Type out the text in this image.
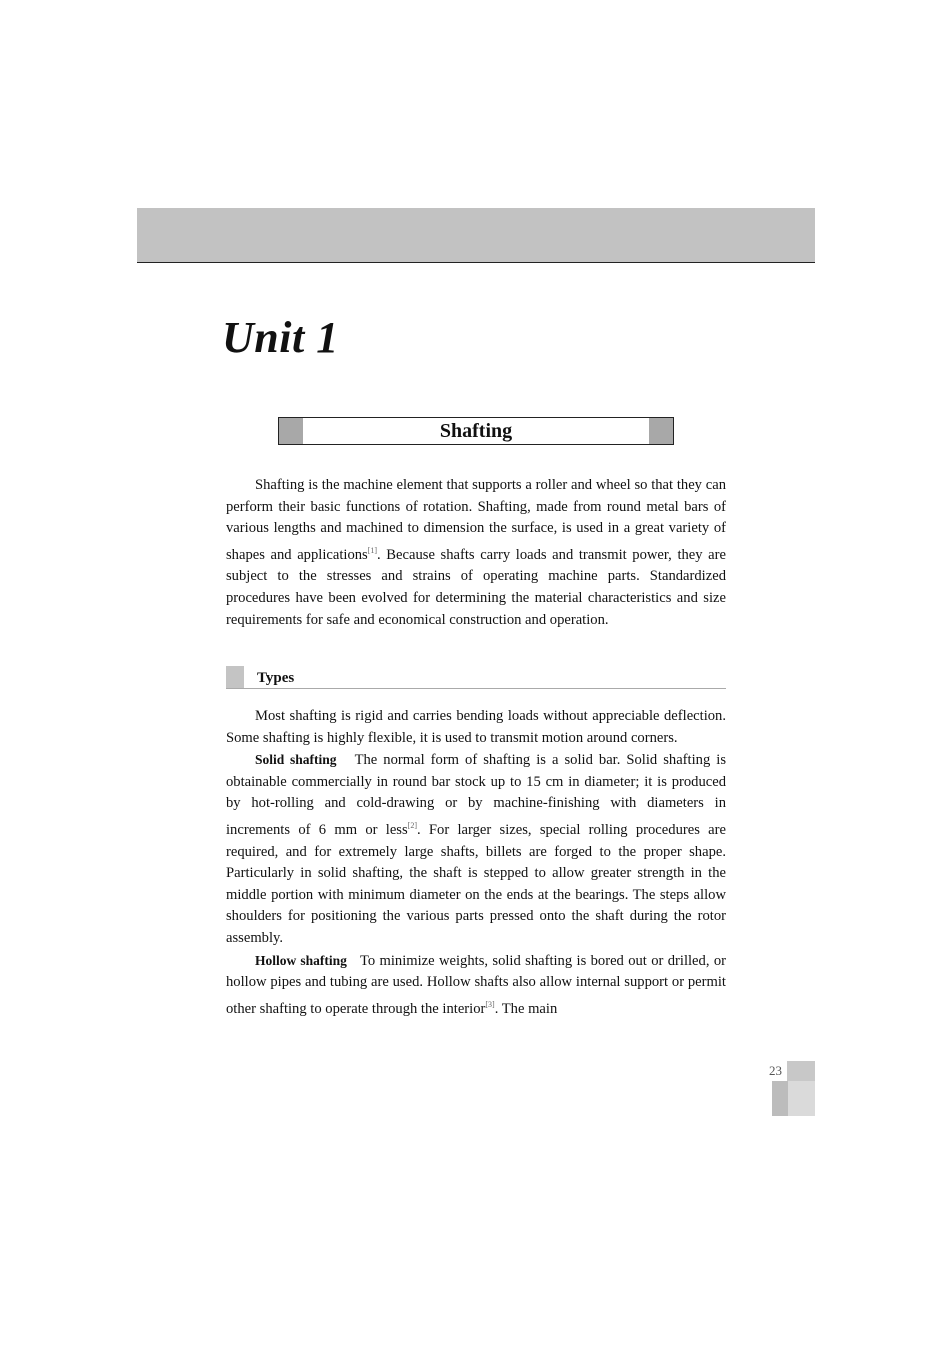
Unit 1
Shafting

Shafting is the machine element that supports a roller and wheel so that they can perform their basic functions of rotation. Shafting, made from round metal bars of various lengths and machined to dimension the surface, is used in a great variety of shapes and applications[1]. Because shafts carry loads and transmit power, they are subject to the stresses and strains of operating machine parts. Standardized procedures have been evolved for determining the material characteristics and size requirements for safe and economical construction and operation.

Types

Most shafting is rigid and carries bending loads without appreciable deflection. Some shafting is highly flexible, it is used to transmit motion around corners.

Solid shafting The normal form of shafting is a solid bar. Solid shafting is obtainable commercially in round bar stock up to 15 cm in diameter; it is produced by hot-rolling and cold-drawing or by machine-finishing with diameters in increments of 6 mm or less[2]. For larger sizes, special rolling procedures are required, and for extremely large shafts, billets are forged to the proper shape. Particularly in solid shafting, the shaft is stepped to allow greater strength in the middle portion with minimum diameter on the ends at the bearings. The steps allow shoulders for positioning the various parts pressed onto the shaft during the rotor assembly.

Hollow shafting To minimize weights, solid shafting is bored out or drilled, or hollow pipes and tubing are used. Hollow shafts also allow internal support or permit other shafting to operate through the interior[3]. The main

23
